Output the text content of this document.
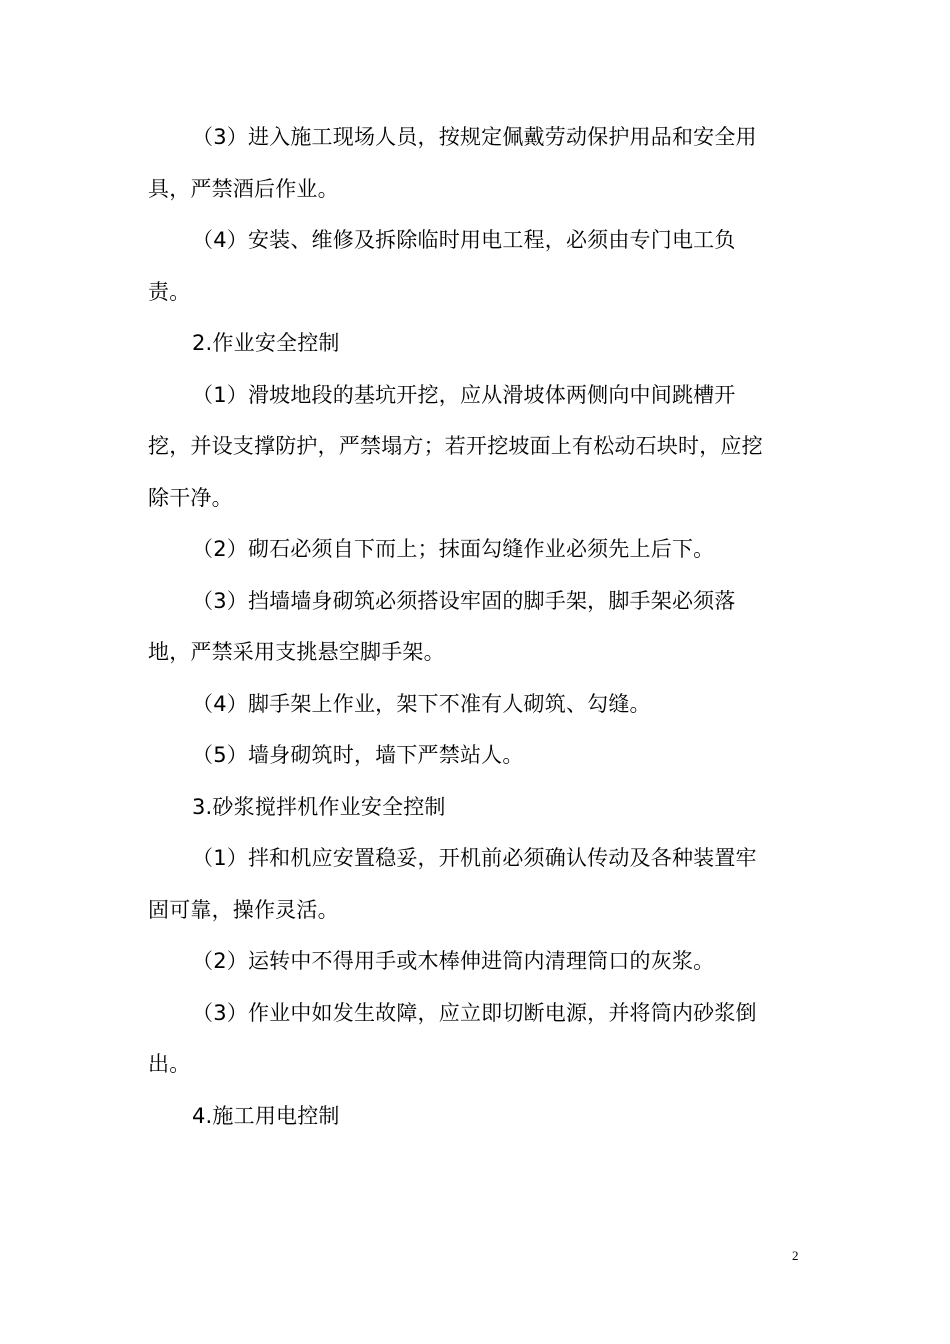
（3）进入施工现场人员，按规定佩戴劳动保护用品和安全用
具，严禁酒后作业。
（4）安装、维修及拆除临时用电工程，必须由专门电工负
责。
2.作业安全控制
（1）滑坡地段的基坑开挖，应从滑坡体两侧向中间跳槽开
挖，并设支撑防护，严禁塌方；若开挖坡面上有松动石块时，应挖
除干净。
（2）砌石必须自下而上；抹面勾缝作业必须先上后下。
（3）挡墙墙身砌筑必须搭设牢固的脚手架，脚手架必须落
地，严禁采用支挑悬空脚手架。
（4）脚手架上作业，架下不准有人砌筑、勾缝。
（5）墙身砌筑时，墙下严禁站人。
3.砂浆搅拌机作业安全控制
（1）拌和机应安置稳妥，开机前必须确认传动及各种装置牢
固可靠，操作灵活。
（2）运转中不得用手或木棒伸进筒内清理筒口的灰浆。
（3）作业中如发生故障，应立即切断电源，并将筒内砂浆倒
出。
4.施工用电控制
2
